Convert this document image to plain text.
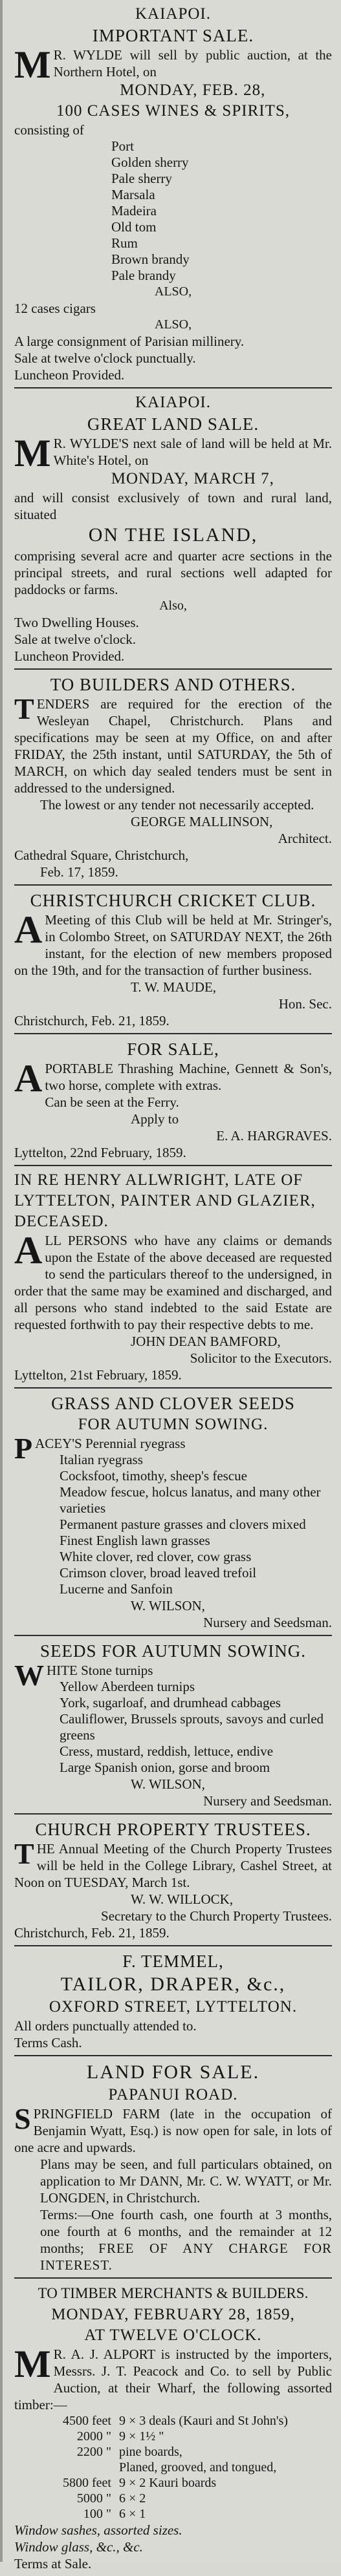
KAIAPOI.

IMPORTANT SALE.

M R. WYLDE will sell by public auction, at the Northern Hotel, on

MONDAY, FEB. 28,

100 CASES WINES & SPIRITS,

consisting of

Port

Golden sherry

Pale sherry

Marsala

Madeira

Old tom

Rum

Brown brandy

Pale brandy

ALSO,

12 cases cigars

ALSO,

A large consignment of Parisian millinery.

Sale at twelve o'clock punctually.

Luncheon Provided.

KAIAPOI.

GREAT LAND SALE.

M R. WYLDE'S next sale of land will be held at Mr. White's Hotel, on

MONDAY, MARCH 7,

and will consist exclusively of town and rural land, situated

ON THE ISLAND,

comprising several acre and quarter acre sections in the principal streets, and rural sections well adapted for paddocks or farms.

Also,

Two Dwelling Houses.

Sale at twelve o'clock.

Luncheon Provided.

TO BUILDERS AND OTHERS.

TENDERS are required for the erection of the Wesleyan Chapel, Christchurch. Plans and specifications may be seen at my Office, on and after FRIDAY, the 25th instant, until SATURDAY, the 5th of MARCH, on which day sealed tenders must be sent in addressed to the undersigned.

The lowest or any tender not necessarily accepted.

GEORGE MALLINSON,

Architect.

Cathedral Square, Christchurch,

Feb. 17, 1859.

CHRISTCHURCH CRICKET CLUB.

A Meeting of this Club will be held at Mr. Stringer's, in Colombo Street, on SATURDAY NEXT, the 26th instant, for the election of new members proposed on the 19th, and for the transaction of further business.

T. W. MAUDE,

Hon. Sec.

Christchurch, Feb. 21, 1859.

FOR SALE,

APORTABLE Thrashing Machine, Gennett & Son's, two horse, complete with extras.

Can be seen at the Ferry.

Apply to

E. A. HARGRAVES.

Lyttelton, 22nd February, 1859.

IN RE HENRY ALLWRIGHT, LATE OF LYTTELTON, PAINTER AND GLAZIER, DECEASED.

ALL PERSONS who have any claims or demands upon the Estate of the above deceased are requested to send the particulars thereof to the undersigned, in order that the same may be examined and discharged, and all persons who stand indebted to the said Estate are requested forthwith to pay their respective debts to me.

JOHN DEAN BAMFORD,

Solicitor to the Executors.

Lyttelton, 21st February, 1859.

GRASS AND CLOVER SEEDS

FOR AUTUMN SOWING.

PACEY'S Perennial ryegrass

Italian ryegrass

Cocksfoot, timothy, sheep's fescue

Meadow fescue, holcus lanatus, and many other varieties

Permanent pasture grasses and clovers mixed

Finest English lawn grasses

White clover, red clover, cow grass

Crimson clover, broad leaved trefoil

Lucerne and Sanfoin

W. WILSON,

Nursery and Seedsman.

SEEDS FOR AUTUMN SOWING.

WHITE Stone turnips

Yellow Aberdeen turnips

York, sugarloaf, and drumhead cabbages

Cauliflower, Brussels sprouts, savoys and curled greens

Cress, mustard, reddish, lettuce, endive

Large Spanish onion, gorse and broom

W. WILSON,

Nursery and Seedsman.

CHURCH PROPERTY TRUSTEES.

THE Annual Meeting of the Church Property Trustees will be held in the College Library, Cashel Street, at Noon on TUESDAY, March 1st.

W. W. WILLOCK,

Secretary to the Church Property Trustees.

Christchurch, Feb. 21, 1859.

F. TEMMEL,

TAILOR, DRAPER, &c.,

OXFORD STREET, LYTTELTON.

All orders punctually attended to.

Terms Cash.

LAND FOR SALE.

PAPANUI ROAD.

SPRINGFIELD FARM (late in the occupation of Benjamin Wyatt, Esq.) is now open for sale, in lots of one acre and upwards.

Plans may be seen, and full particulars obtained, on application to Mr DANN, Mr. C. W. WYATT, or Mr. LONGDEN, in Christchurch.

Terms:—One fourth cash, one fourth at 3 months, one fourth at 6 months, and the remainder at 12 months; FREE OF ANY CHARGE FOR INTEREST.

TO TIMBER MERCHANTS & BUILDERS.

MONDAY, FEBRUARY 28, 1859,

AT TWELVE O'CLOCK.

M R. A. J. ALPORT is instructed by the importers, Messrs. J. T. Peacock and Co. to sell by Public Auction, at their Wharf, the following assorted timber:—

4500 feet 9 × 3 deals (Kauri and St John's)
2000 " 9 × 1½ "
2200 " pine boards,
Planed, grooved, and tongued,
5800 feet 9 × 2 Kauri boards
5000 " 6 × 2
100 " 6 × 1

Window sashes, assorted sizes.

Window glass, &c., &c.

Terms at Sale.
